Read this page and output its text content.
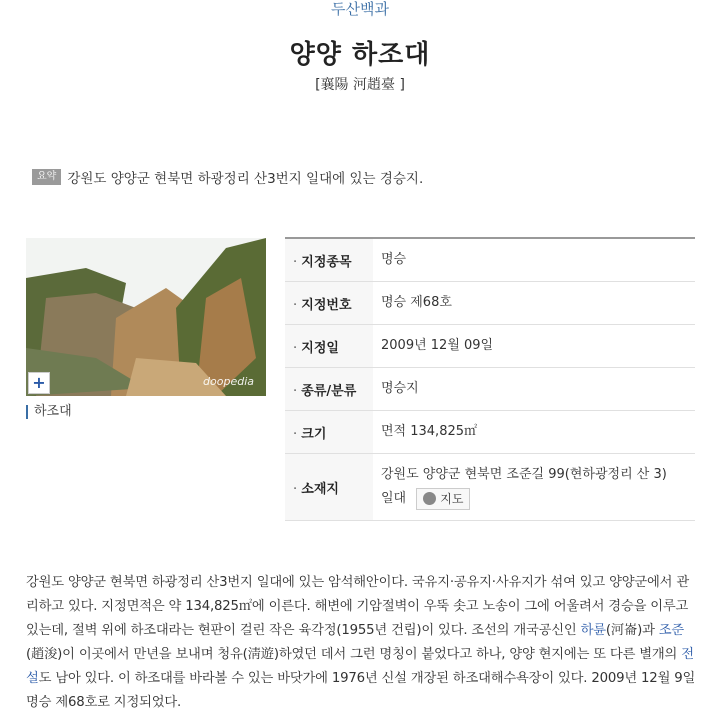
두산백과
양양 하조대
[襄陽 河趙臺 ]
요약 강원도 양양군 현북면 하광정리 산3번지 일대에 있는 경승지.
+	doopedia
하조대
· 지정종목	명승
· 지정번호	명승 제68호
· 지정일	2009년 12월 09일
· 종류/분류	명승지
· 크기	면적 134,825㎡
· 소재지
강원도 양양군 현북면 조준길 99(현하광정리 산 3)
일대	지도
강원도 양양군 현북면 하광정리 산3번지 일대에 있는 암석해안이다. 국유지·공유지·사유지가 섞여 있고 양양군에서 관리하고 있다. 지정면적은 약 134,825㎡에 이른다. 해변에 기암절벽이 우뚝 솟고 노송이 그에 어울려서 경승을 이루고 있는데, 절벽 위에 하조대라는 현판이 걸린 작은 육각정(1955년 건립)이 있다. 조선의 개국공신인 하륜(河崙)과 조준(趙浚)이 이곳에서 만년을 보내며 청유(淸遊)하였던 데서 그런 명칭이 붙었다고 하나, 양양 현지에는 또 다른 별개의 전설도 남아 있다. 이 하조대를 바라볼 수 있는 바닷가에 1976년 신설 개장된 하조대해수욕장이 있다. 2009년 12월 9일 명승 제68호로 지정되었다.
